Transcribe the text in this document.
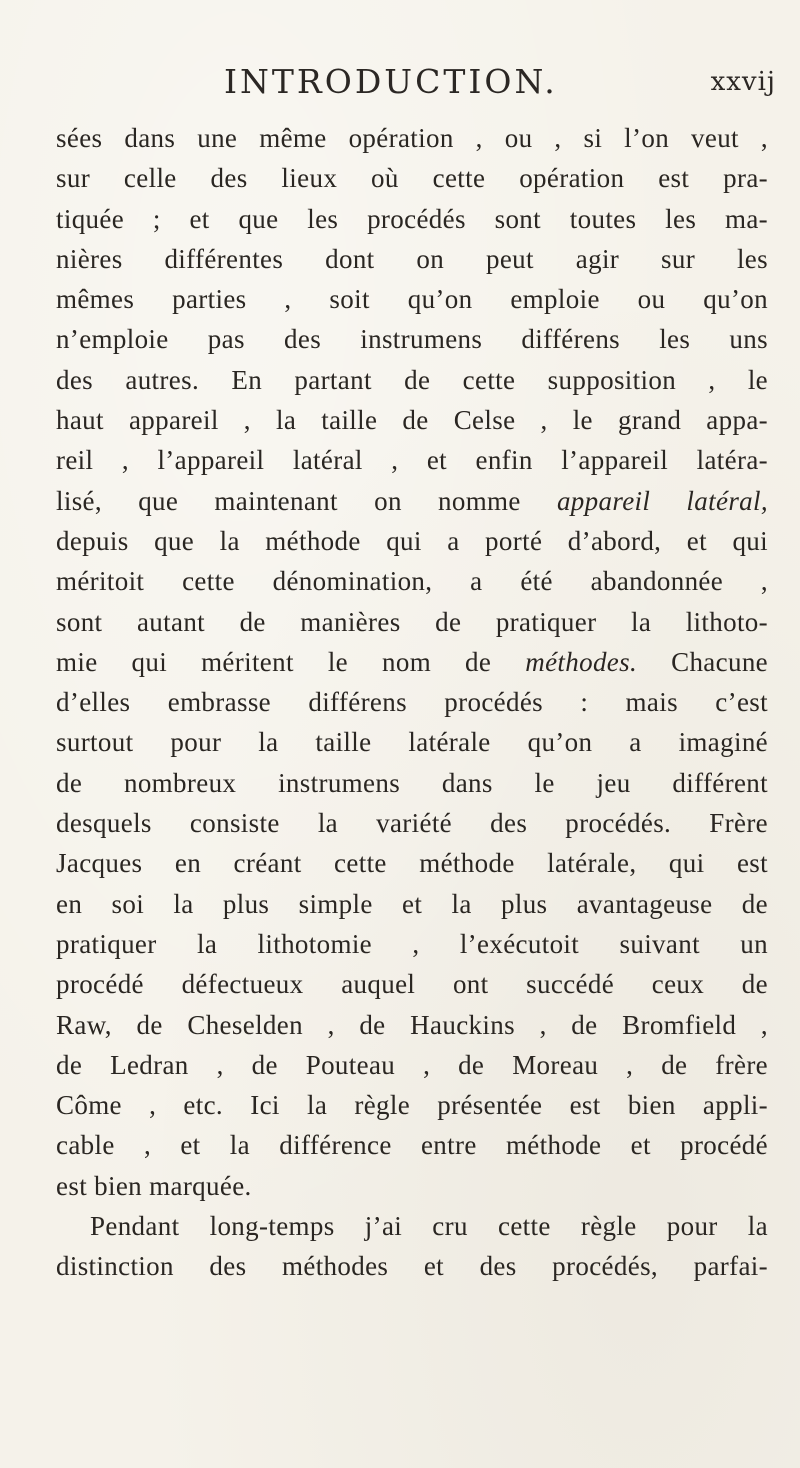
INTRODUCTION.	xxvij
sées dans une même opération , ou , si l’on veut ,
sur celle des lieux où cette opération est pra-
tiquée ; et que les procédés sont toutes les ma-
nières différentes dont on peut agir sur les
mêmes parties , soit qu’on emploie ou qu’on
n’emploie pas des instrumens différens les uns
des autres. En partant de cette supposition , le
haut appareil , la taille de Celse , le grand appa-
reil , l’appareil latéral , et enfin l’appareil latéra-
lisé, que maintenant on nomme appareil latéral,
depuis que la méthode qui a porté d’abord, et qui
méritoit cette dénomination, a été abandonnée ,
sont autant de manières de pratiquer la lithoto-
mie qui méritent le nom de méthodes. Chacune
d’elles embrasse différens procédés : mais c’est
surtout pour la taille latérale qu’on a imaginé
de nombreux instrumens dans le jeu différent
desquels consiste la variété des procédés. Frère
Jacques en créant cette méthode latérale, qui est
en soi la plus simple et la plus avantageuse de
pratiquer la lithotomie , l’exécutoit suivant un
procédé défectueux auquel ont succédé ceux de
Raw, de Cheselden , de Hauckins , de Bromfield ,
de Ledran , de Pouteau , de Moreau , de frère
Côme , etc. Ici la règle présentée est bien appli-
cable , et la différence entre méthode et procédé
est bien marquée.
Pendant long-temps j’ai cru cette règle pour la
distinction des méthodes et des procédés, parfai-
